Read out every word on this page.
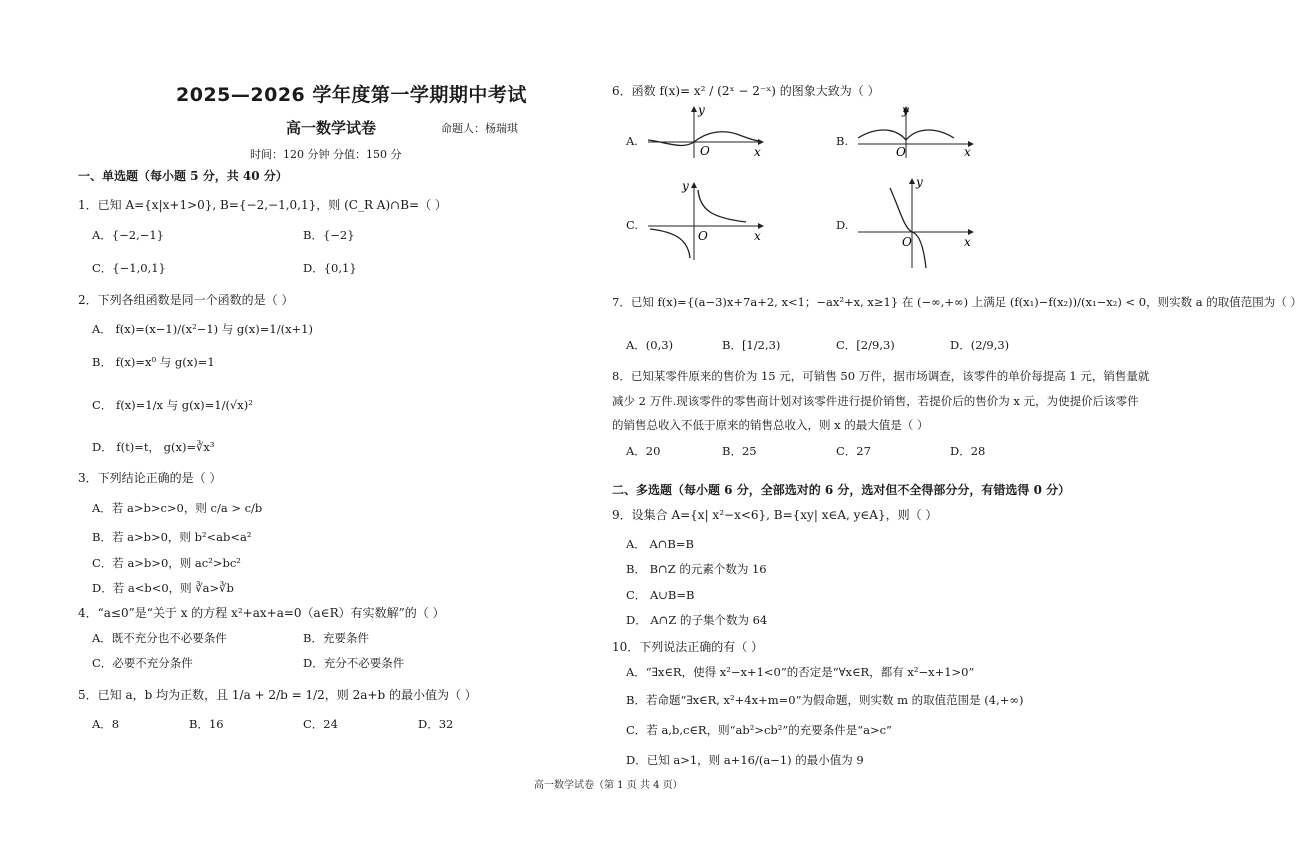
2025—2026 学年度第一学期期中考试
高一数学试卷	命题人：杨瑞琪
时间：120 分钟 分值：150 分
一、单选题（每小题 5 分，共 40 分）
1．已知 A={x|x+1>0}, B={−2,−1,0,1}，则 (C_R A)∩B=（ ）
A．{−2,−1}	B．{−2}
C．{−1,0,1}	D．{0,1}
2．下列各组函数是同一个函数的是（ ）
A． f(x)=(x−1)/(x²−1) 与 g(x)=1/(x+1)
B． f(x)=x⁰ 与 g(x)=1
C． f(x)=1/x 与 g(x)=1/(√x)²
D． f(t)=t， g(x)=∛x³
3．下列结论正确的是（ ）
A．若 a>b>c>0，则 c/a > c/b
B．若 a>b>0，则 b²<ab<a²
C．若 a>b>0，则 ac²>bc²
D．若 a<b<0，则 ∛a>∛b
4．“a≤0”是“关于 x 的方程 x²+ax+a=0（a∈R）有实数解”的（ ）
A．既不充分也不必要条件	B．充要条件
C．必要不充分条件	D．充分不必要条件
5．已知 a，b 均为正数，且 1/a + 2/b = 1/2，则 2a+b 的最小值为（ ）
A．8	B．16	C．24	D．32
6．函数 f(x)= x² / (2ˣ − 2⁻ˣ) 的图象大致为（ ）
A.
y
x
O
B.
y
x
O
C.
y
x
O
D.
y
x
O
7．已知 f(x)={(a−3)x+7a+2, x<1；−ax²+x, x≥1} 在 (−∞,+∞) 上满足 (f(x₁)−f(x₂))/(x₁−x₂) < 0，则实数 a 的取值范围为（ ）
A．(0,3)	B．[1/2,3)	C．[2/9,3)	D．(2/9,3)
8．已知某零件原来的售价为 15 元，可销售 50 万件，据市场调查，该零件的单价每提高 1 元，销售量就
减少 2 万件.现该零件的零售商计划对该零件进行提价销售，若提价后的售价为 x 元，为使提价后该零件
的销售总收入不低于原来的销售总收入，则 x 的最大值是（ ）
A．20	B．25	C．27	D．28
二、多选题（每小题 6 分，全部选对的 6 分，选对但不全得部分分，有错选得 0 分）
9．设集合 A={x| x²−x<6}, B={xy| x∈A, y∈A}，则（ ）
A． A∩B=B
B． B∩Z 的元素个数为 16
C． A∪B=B
D． A∩Z 的子集个数为 64
10．下列说法正确的有（ ）
A．“∃x∈R，使得 x²−x+1<0”的否定是“∀x∈R，都有 x²−x+1>0”
B．若命题“∃x∈R, x²+4x+m=0”为假命题，则实数 m 的取值范围是 (4,+∞)
C．若 a,b,c∈R，则“ab²>cb²”的充要条件是“a>c”
D．已知 a>1，则 a+16/(a−1) 的最小值为 9
高一数学试卷（第 1 页 共 4 页）
